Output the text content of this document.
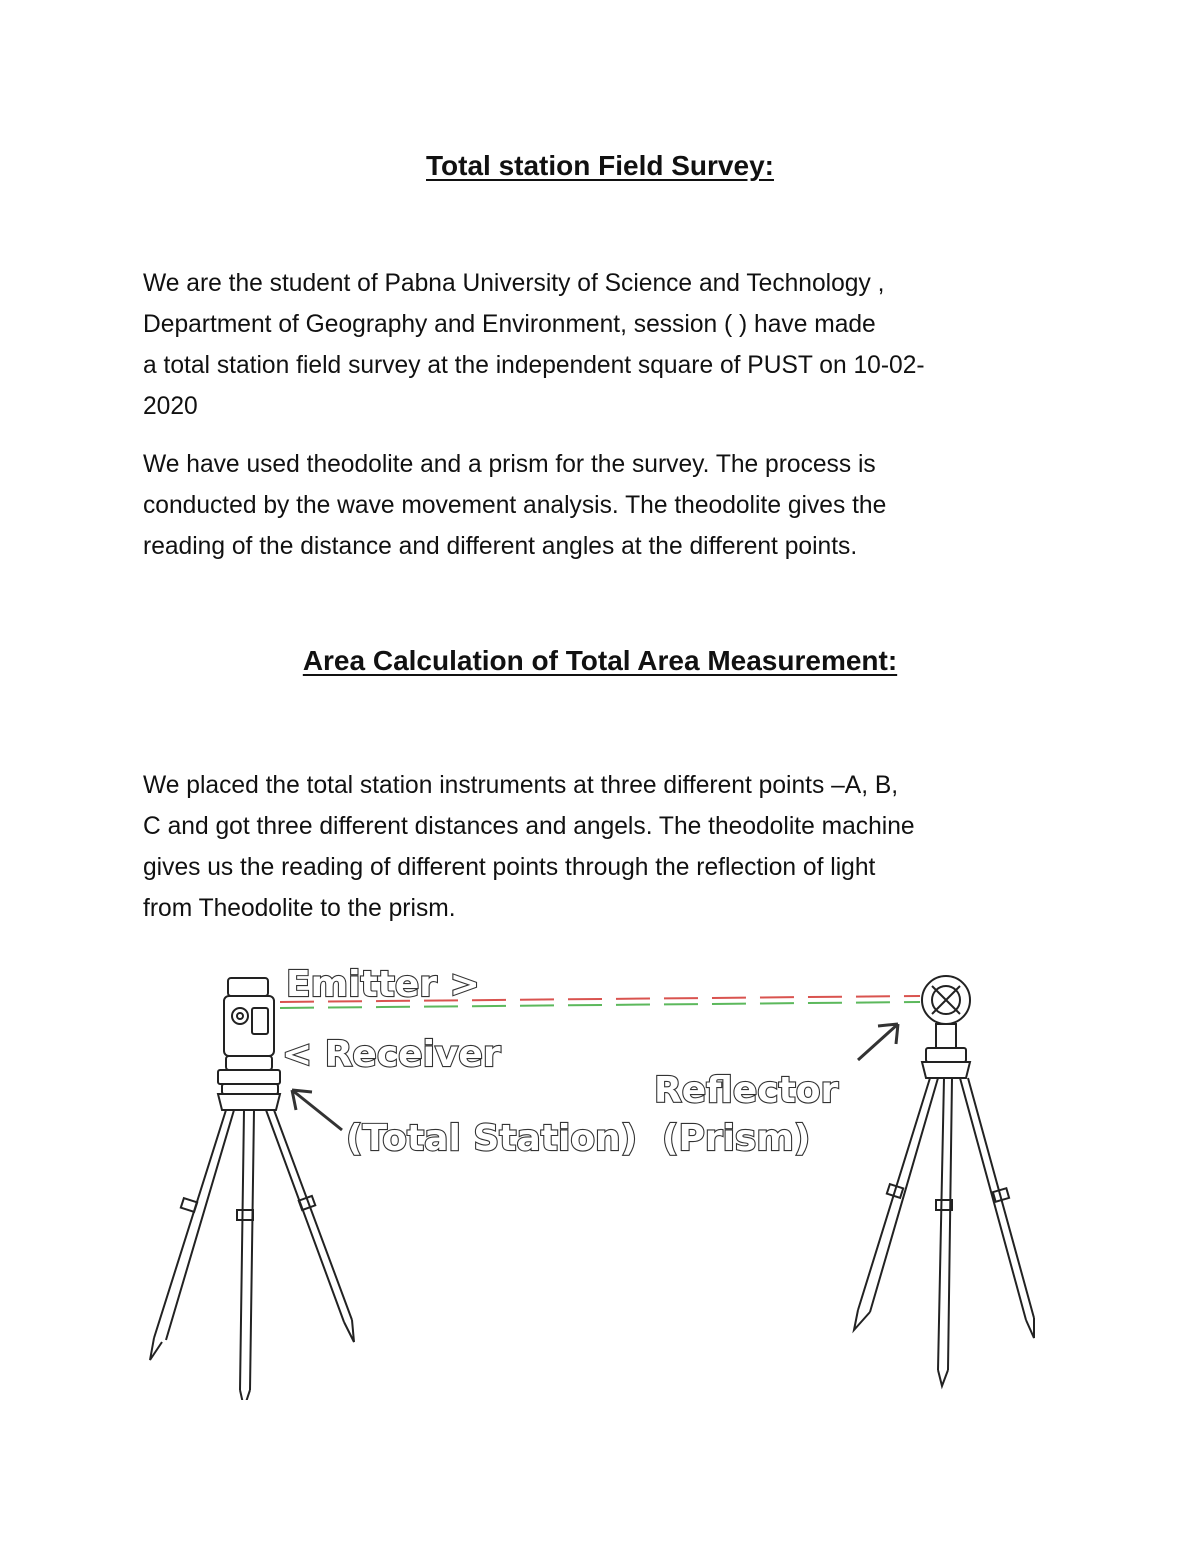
Total station Field Survey:
We are the student of Pabna University of Science and Technology ,
Department of Geography and Environment, session ( ) have made
a total station field survey at the independent square of PUST on 10-02-
2020
We have used theodolite and a prism for the survey. The process is
conducted by the wave movement analysis. The theodolite gives the
reading of the distance and different angles at the different points.
Area Calculation of Total Area Measurement:
We placed the total station instruments at three different points –A, B,
C and got three different distances and angels. The theodolite machine
gives us the reading of different points through the reflection of light
from Theodolite to the prism.
Emitter >
< Receiver
(Total Station)
Reflector
(Prism)
